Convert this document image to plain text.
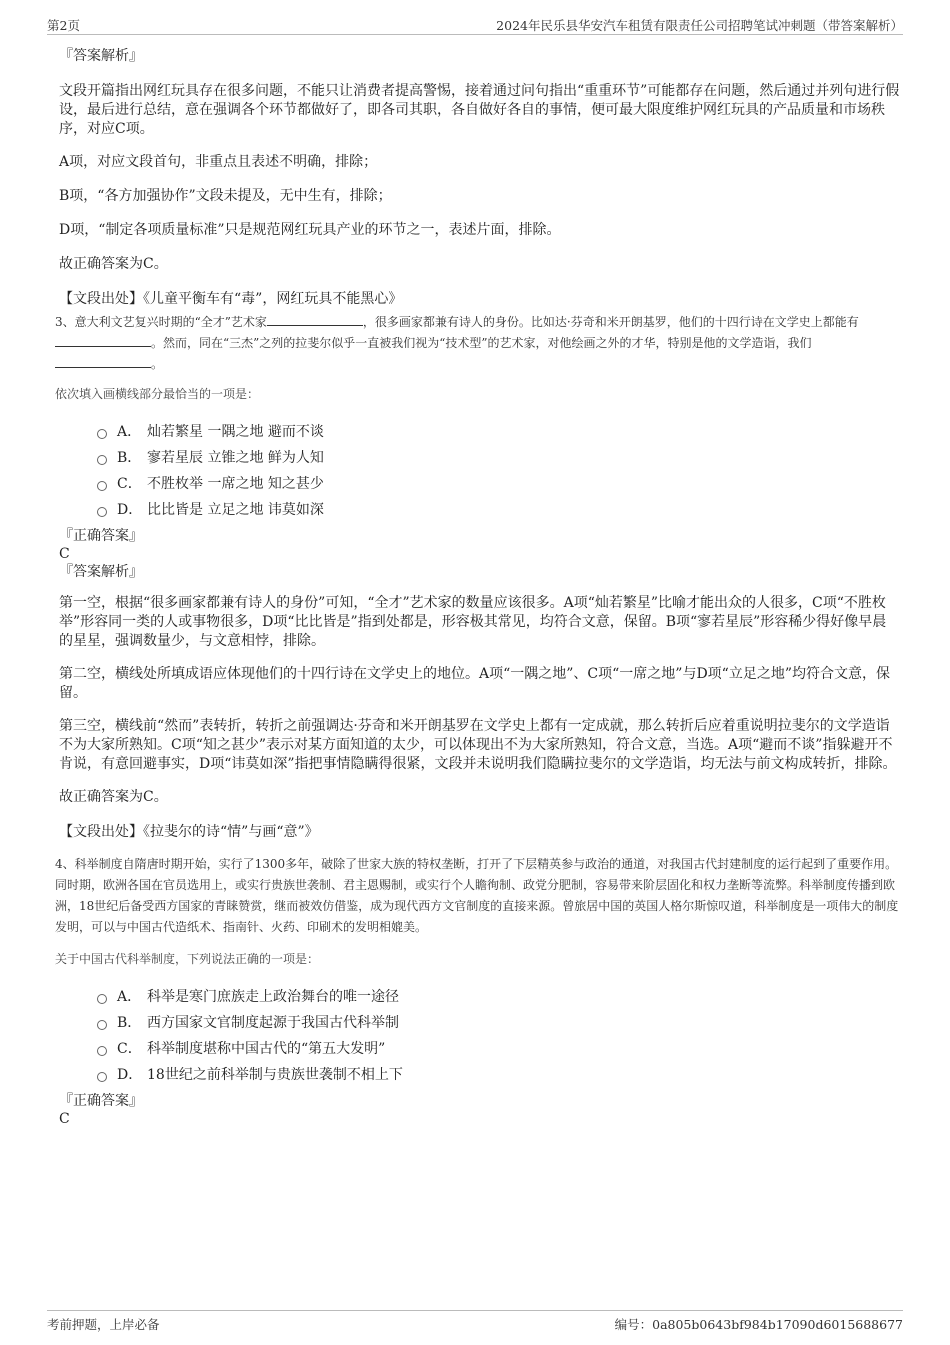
第2页	2024年民乐县华安汽车租赁有限责任公司招聘笔试冲刺题（带答案解析）
『答案解析』
文段开篇指出网红玩具存在很多问题，不能只让消费者提高警惕，接着通过问句指出“重重环节”可能都存在问题，然后通过并列句进行假设，最后进行总结，意在强调各个环节都做好了，即各司其职，各自做好各自的事情，便可最大限度维护网红玩具的产品质量和市场秩序，对应C项。
A项，对应文段首句，非重点且表述不明确，排除；
B项，“各方加强协作”文段未提及，无中生有，排除；
D项，“制定各项质量标准”只是规范网红玩具产业的环节之一，表述片面，排除。
故正确答案为C。
【文段出处】《儿童平衡车有“毒”，网红玩具不能黑心》
3、意大利文艺复兴时期的“全才”艺术家	，很多画家都兼有诗人的身份。比如达·芬奇和米开朗基罗，他们的十四行诗在文学史上都能有。然而，同在“三杰”之列的拉斐尔似乎一直被我们视为“技术型”的艺术家，对他绘画之外的才华，特别是他的文学造诣，我们。
依次填入画横线部分最恰当的一项是：
A． 灿若繁星 一隅之地 避而不谈
B． 寥若星辰 立锥之地 鲜为人知
C． 不胜枚举 一席之地 知之甚少
D． 比比皆是 立足之地 讳莫如深
『正确答案』
C
『答案解析』
第一空，根据“很多画家都兼有诗人的身份”可知，“全才”艺术家的数量应该很多。A项“灿若繁星”比喻才能出众的人很多，C项“不胜枚举”形容同一类的人或事物很多，D项“比比皆是”指到处都是，形容极其常见，均符合文意，保留。B项“寥若星辰”形容稀少得好像早晨的星星，强调数量少，与文意相悖，排除。
第二空，横线处所填成语应体现他们的十四行诗在文学史上的地位。A项“一隅之地”、C项“一席之地”与D项“立足之地”均符合文意，保留。
第三空，横线前“然而”表转折，转折之前强调达·芬奇和米开朗基罗在文学史上都有一定成就，那么转折后应着重说明拉斐尔的文学造诣不为大家所熟知。C项“知之甚少”表示对某方面知道的太少，可以体现出不为大家所熟知，符合文意，当选。A项“避而不谈”指躲避开不肯说，有意回避事实，D项“讳莫如深”指把事情隐瞒得很紧，文段并未说明我们隐瞒拉斐尔的文学造诣，均无法与前文构成转折，排除。
故正确答案为C。
【文段出处】《拉斐尔的诗“情”与画“意”》
4、科举制度自隋唐时期开始，实行了1300多年，破除了世家大族的特权垄断，打开了下层精英参与政治的通道，对我国古代封建制度的运行起到了重要作用。同时期，欧洲各国在官员选用上，或实行贵族世袭制、君主恩赐制，或实行个人瞻徇制、政党分肥制，容易带来阶层固化和权力垄断等流弊。科举制度传播到欧洲，18世纪后备受西方国家的青睐赞赏，继而被效仿借鉴，成为现代西方文官制度的直接来源。曾旅居中国的英国人格尔斯惊叹道，科举制度是一项伟大的制度发明，可以与中国古代造纸术、指南针、火药、印刷术的发明相媲美。
关于中国古代科举制度，下列说法正确的一项是：
A． 科举是寒门庶族走上政治舞台的唯一途径
B． 西方国家文官制度起源于我国古代科举制
C． 科举制度堪称中国古代的“第五大发明”
D． 18世纪之前科举制与贵族世袭制不相上下
『正确答案』
C
考前押题，上岸必备	编号：0a805b0643bf984b17090d6015688677
